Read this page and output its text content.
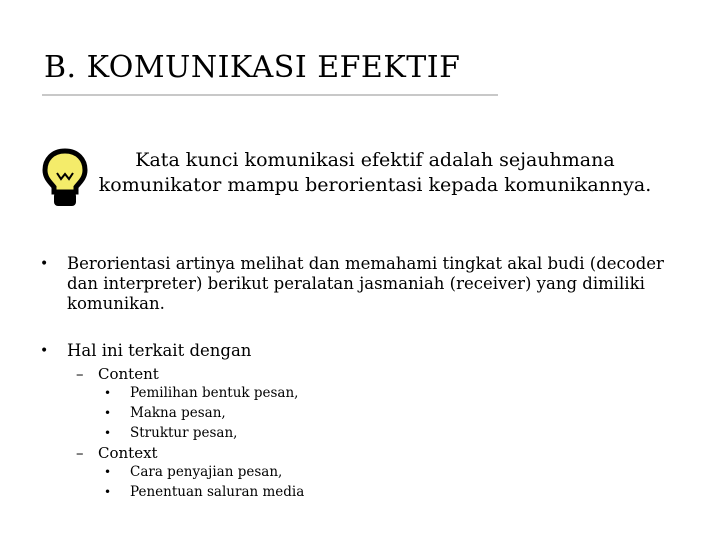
B. KOMUNIKASI EFEKTIF
Kata kunci komunikasi efektif adalah sejauhmana komunikator mampu berorientasi kepada komunikannya.
• Berorientasi artinya melihat dan memahami tingkat akal budi (decoder dan interpreter) berikut peralatan jasmaniah (receiver) yang dimiliki komunikan.
• Hal ini terkait dengan
– Content
• Pemilihan bentuk pesan,
• Makna pesan,
• Struktur pesan,
– Context
• Cara penyajian pesan,
• Penentuan saluran media
